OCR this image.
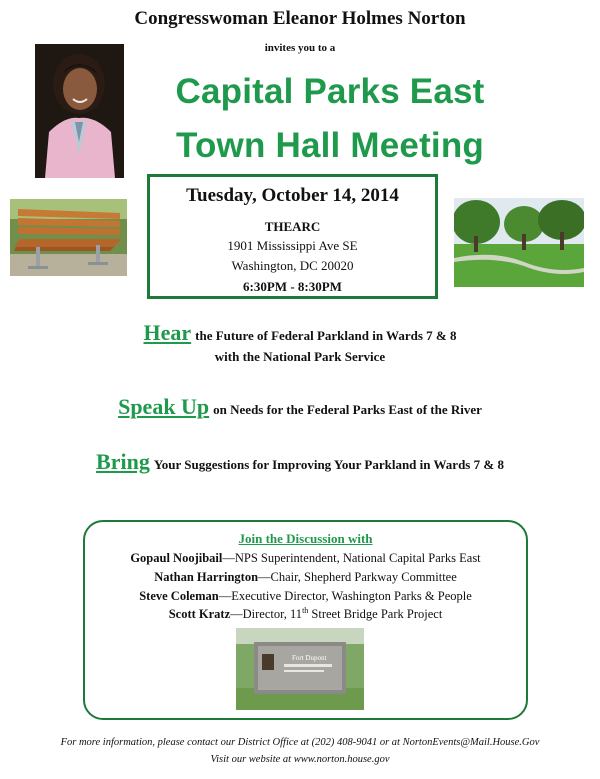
Congresswoman Eleanor Holmes Norton
invites you to a
Capital Parks East
Town Hall Meeting
Tuesday, October 14, 2014
THEARC
1901 Mississippi Ave SE
Washington, DC 20020
6:30PM - 8:30PM
Hear the Future of Federal Parkland in Wards 7 & 8
with the National Park Service
Speak Up on Needs for the Federal Parks East of the River
Bring Your Suggestions for Improving Your Parkland in Wards 7 & 8
Join the Discussion with
Gopaul Noojibail—NPS Superintendent, National Capital Parks East
Nathan Harrington—Chair, Shepherd Parkway Committee
Steve Coleman—Executive Director, Washington Parks & People
Scott Kratz—Director, 11th Street Bridge Park Project
Fort Dupont
For more information, please contact our District Office at (202) 408-9041 or at NortonEvents@Mail.House.Gov
Visit our website at www.norton.house.gov
